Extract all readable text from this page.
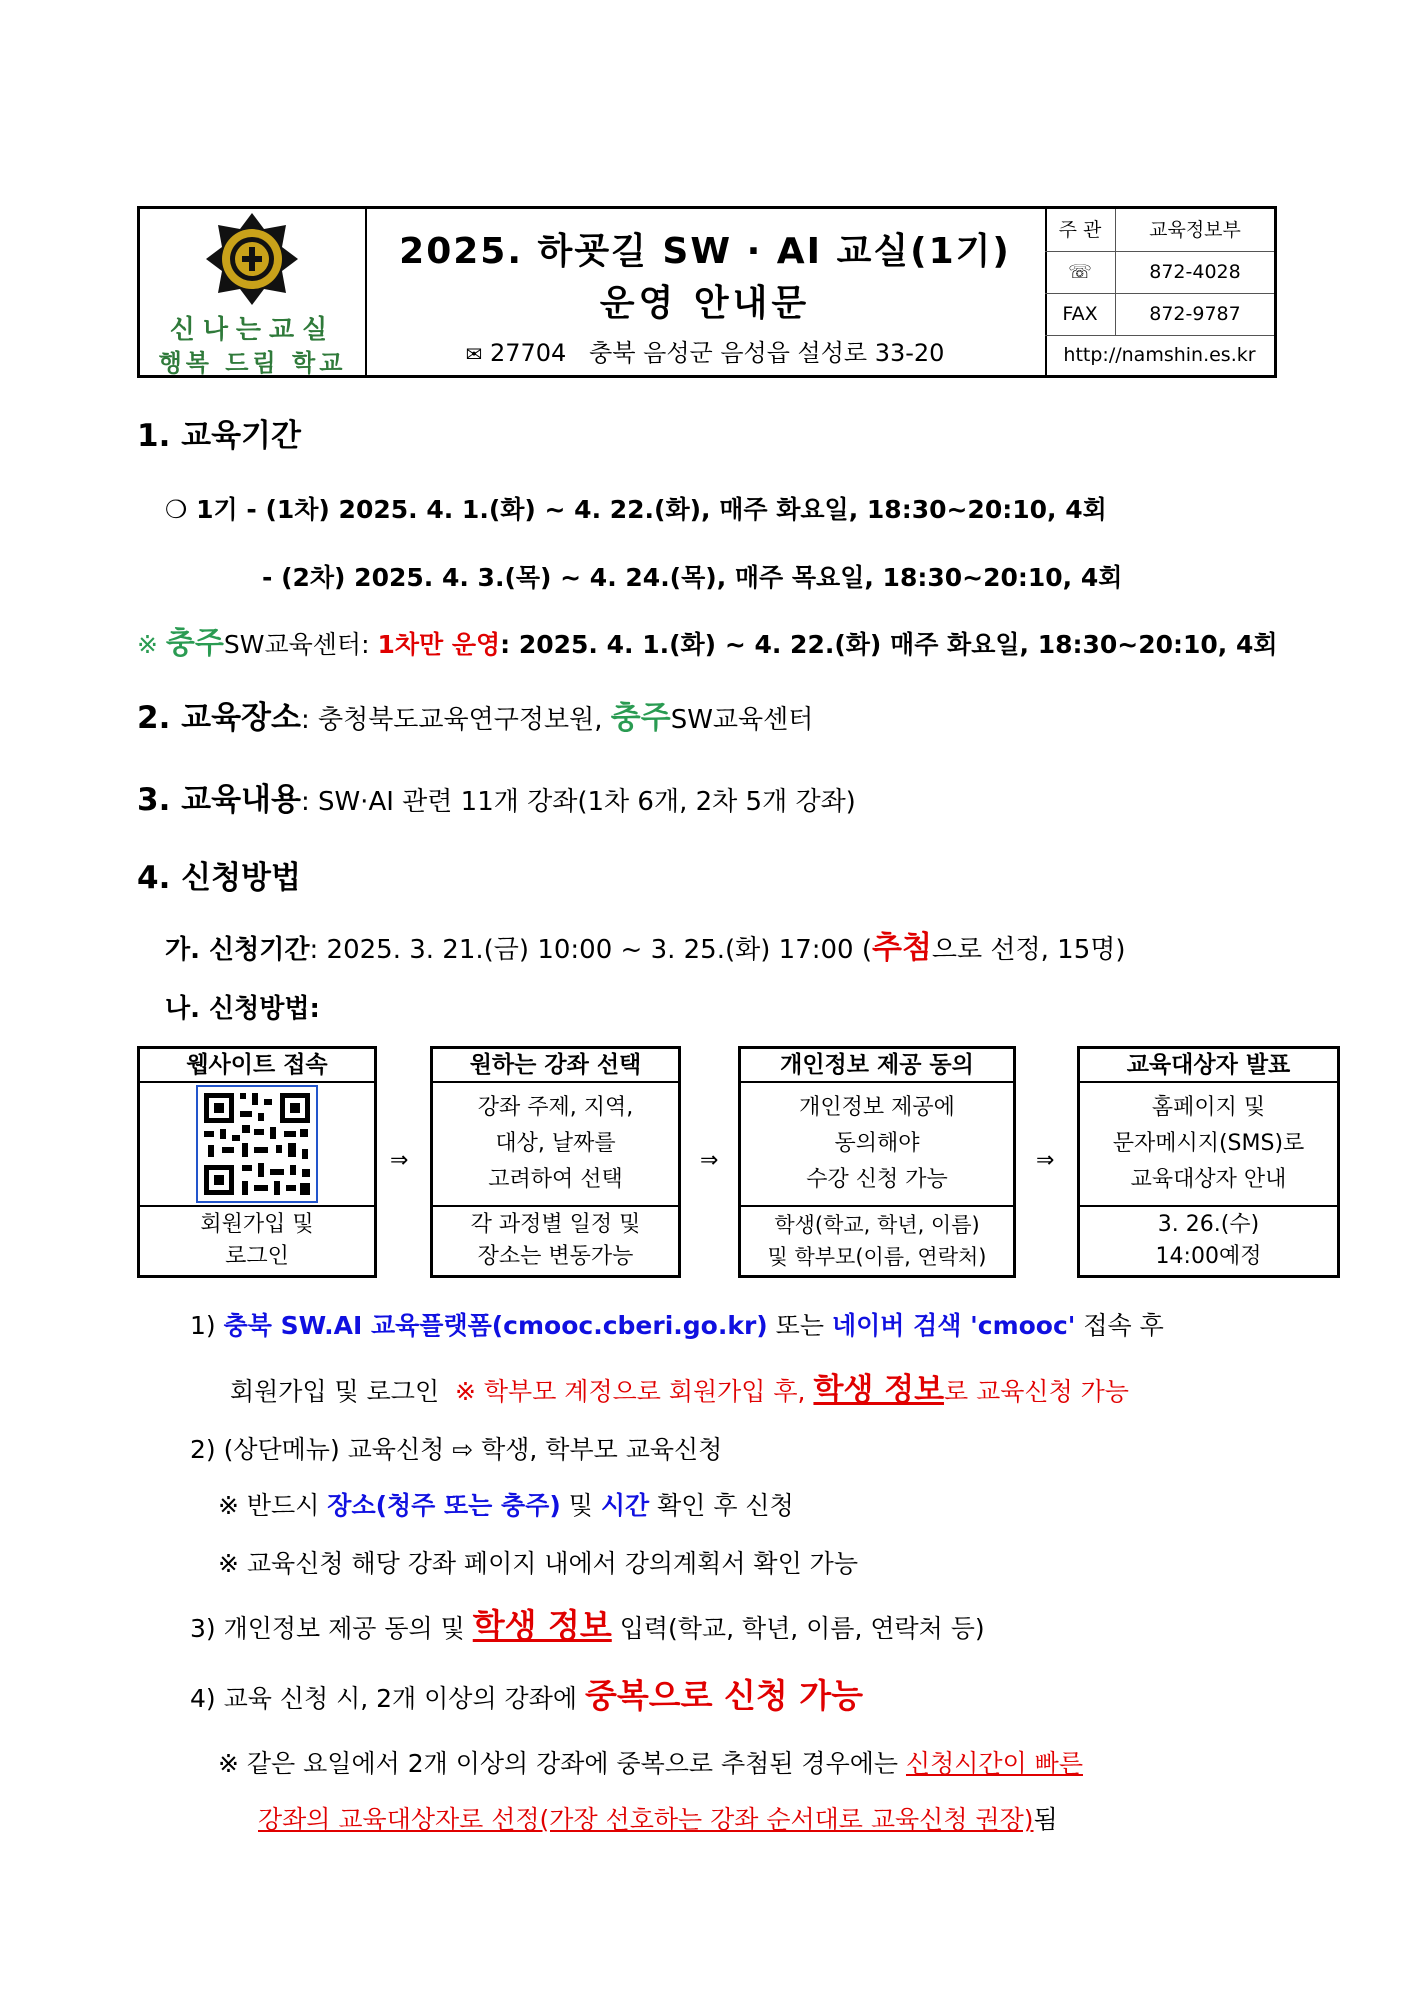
신나는교실
행복 드림 학교
2025. 하굣길 SW · AI 교실(1기)
운영 안내문
✉ 27704   충북 음성군 음성읍 설성로 33-20
주 관	교육정보부
☏	872-4028
FAX	872-9787
http://namshin.es.kr
1. 교육기간
❍ 1기 - (1차) 2025. 4. 1.(화) ~ 4. 22.(화), 매주 화요일, 18:30~20:10, 4회
- (2차) 2025. 4. 3.(목) ~ 4. 24.(목), 매주 목요일, 18:30~20:10, 4회
※ 충주SW교육센터: 1차만 운영: 2025. 4. 1.(화) ~ 4. 22.(화) 매주 화요일, 18:30~20:10, 4회
2. 교육장소: 충청북도교육연구정보원, 충주SW교육센터
3. 교육내용: SW·AI 관련 11개 강좌(1차 6개, 2차 5개 강좌)
4. 신청방법
가. 신청기간: 2025. 3. 21.(금) 10:00 ~ 3. 25.(화) 17:00 (추첨으로 선정, 15명)
나. 신청방법:
웹사이트 접속
회원가입 및
로그인
⇒
원하는 강좌 선택
강좌 주제, 지역,
대상, 날짜를
고려하여 선택
각 과정별 일정 및
장소는 변동가능
⇒
개인정보 제공 동의
개인정보 제공에
동의해야
수강 신청 가능
학생(학교, 학년, 이름)
및 학부모(이름, 연락처)
⇒
교육대상자 발표
홈페이지 및
문자메시지(SMS)로
교육대상자 안내
3. 26.(수)
14:00예정
1) 충북 SW.AI 교육플랫폼(cmooc.cberi.go.kr) 또는 네이버 검색 'cmooc' 접속 후
회원가입 및 로그인  ※ 학부모 계정으로 회원가입 후, 학생 정보로 교육신청 가능
2) (상단메뉴) 교육신청 ⇨ 학생, 학부모 교육신청
※ 반드시 장소(청주 또는 충주) 및 시간 확인 후 신청
※ 교육신청 해당 강좌 페이지 내에서 강의계획서 확인 가능
3) 개인정보 제공 동의 및 학생 정보 입력(학교, 학년, 이름, 연락처 등)
4) 교육 신청 시, 2개 이상의 강좌에 중복으로 신청 가능
※ 같은 요일에서 2개 이상의 강좌에 중복으로 추첨된 경우에는 신청시간이 빠른
강좌의 교육대상자로 선정(가장 선호하는 강좌 순서대로 교육신청 권장)됨
